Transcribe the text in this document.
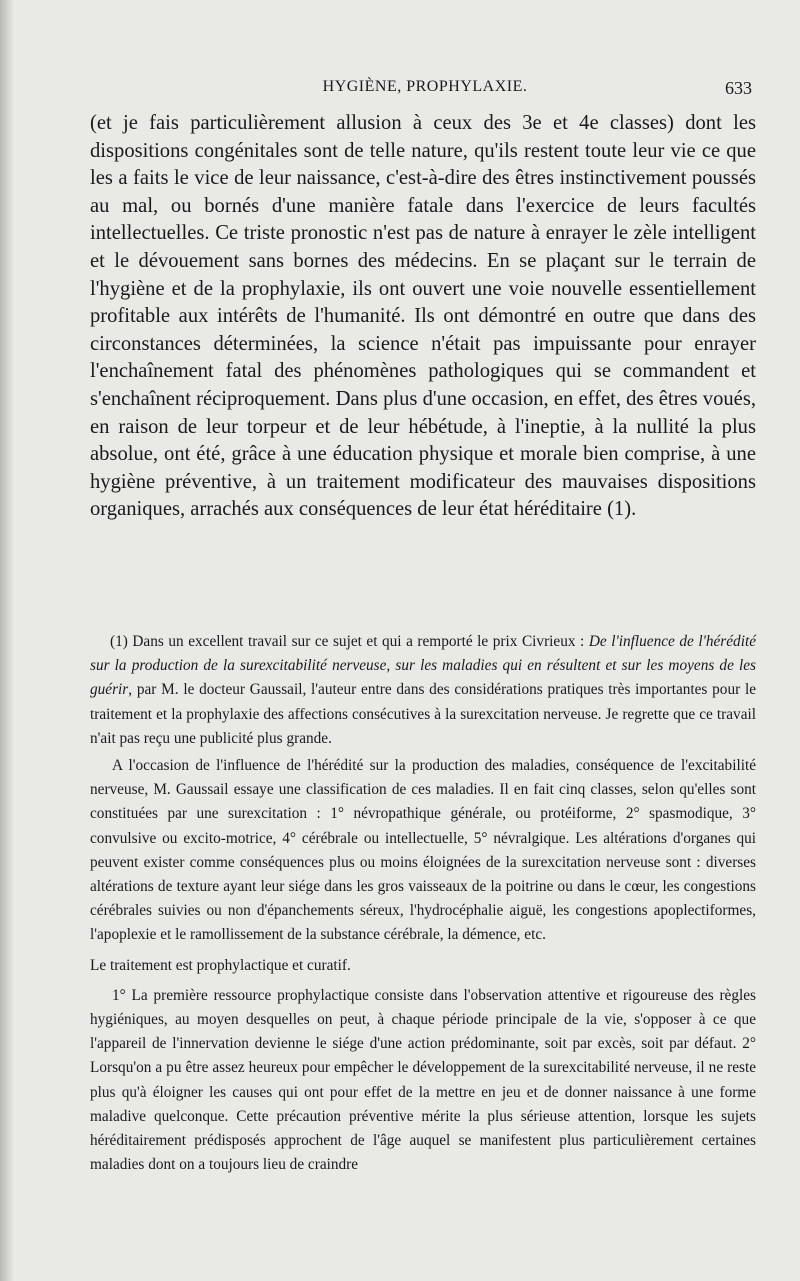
HYGIÈNE, PROPHYLAXIE.	633

(et je fais particulièrement allusion à ceux des 3e et 4e classes) dont les dispositions congénitales sont de telle nature, qu'ils restent toute leur vie ce que les a faits le vice de leur naissance, c'est-à-dire des êtres instinctivement poussés au mal, ou bornés d'une manière fatale dans l'exercice de leurs facultés intellectuelles. Ce triste pronostic n'est pas de nature à enrayer le zèle intelligent et le dévouement sans bornes des médecins. En se plaçant sur le terrain de l'hygiène et de la prophylaxie, ils ont ouvert une voie nouvelle essentiellement profitable aux intérêts de l'humanité. Ils ont démontré en outre que dans des circonstances déterminées, la science n'était pas impuissante pour enrayer l'enchaînement fatal des phénomènes pathologiques qui se commandent et s'enchaînent réciproquement. Dans plus d'une occasion, en effet, des êtres voués, en raison de leur torpeur et de leur hébétude, à l'ineptie, à la nullité la plus absolue, ont été, grâce à une éducation physique et morale bien comprise, à une hygiène préventive, à un traitement modificateur des mauvaises dispositions organiques, arrachés aux conséquences de leur état héréditaire (1).

(1) Dans un excellent travail sur ce sujet et qui a remporté le prix Civrieux : De l'influence de l'hérédité sur la production de la surexcitabilité nerveuse, sur les maladies qui en résultent et sur les moyens de les guérir, par M. le docteur Gaussail, l'auteur entre dans des considérations pratiques très importantes pour le traitement et la prophylaxie des affections consécutives à la surexcitation nerveuse. Je regrette que ce travail n'ait pas reçu une publicité plus grande.

A l'occasion de l'influence de l'hérédité sur la production des maladies, conséquence de l'excitabilité nerveuse, M. Gaussail essaye une classification de ces maladies. Il en fait cinq classes, selon qu'elles sont constituées par une surexcitation : 1° névropathique générale, ou protéiforme, 2° spasmodique, 3° convulsive ou excito-motrice, 4° cérébrale ou intellectuelle, 5° névralgique. Les altérations d'organes qui peuvent exister comme conséquences plus ou moins éloignées de la surexcitation nerveuse sont : diverses altérations de texture ayant leur siége dans les gros vaisseaux de la poitrine ou dans le cœur, les congestions cérébrales suivies ou non d'épanchements séreux, l'hydrocéphalie aiguë, les congestions apoplectiformes, l'apoplexie et le ramollissement de la substance cérébrale, la démence, etc.

Le traitement est prophylactique et curatif.

1° La première ressource prophylactique consiste dans l'observation attentive et rigoureuse des règles hygiéniques, au moyen desquelles on peut, à chaque période principale de la vie, s'opposer à ce que l'appareil de l'innervation devienne le siége d'une action prédominante, soit par excès, soit par défaut. 2° Lorsqu'on a pu être assez heureux pour empêcher le développement de la surexcitabilité nerveuse, il ne reste plus qu'à éloigner les causes qui ont pour effet de la mettre en jeu et de donner naissance à une forme maladive quelconque. Cette précaution préventive mérite la plus sérieuse attention, lorsque les sujets héréditairement prédisposés approchent de l'âge auquel se manifestent plus particulièrement certaines maladies dont on a toujours lieu de craindre
